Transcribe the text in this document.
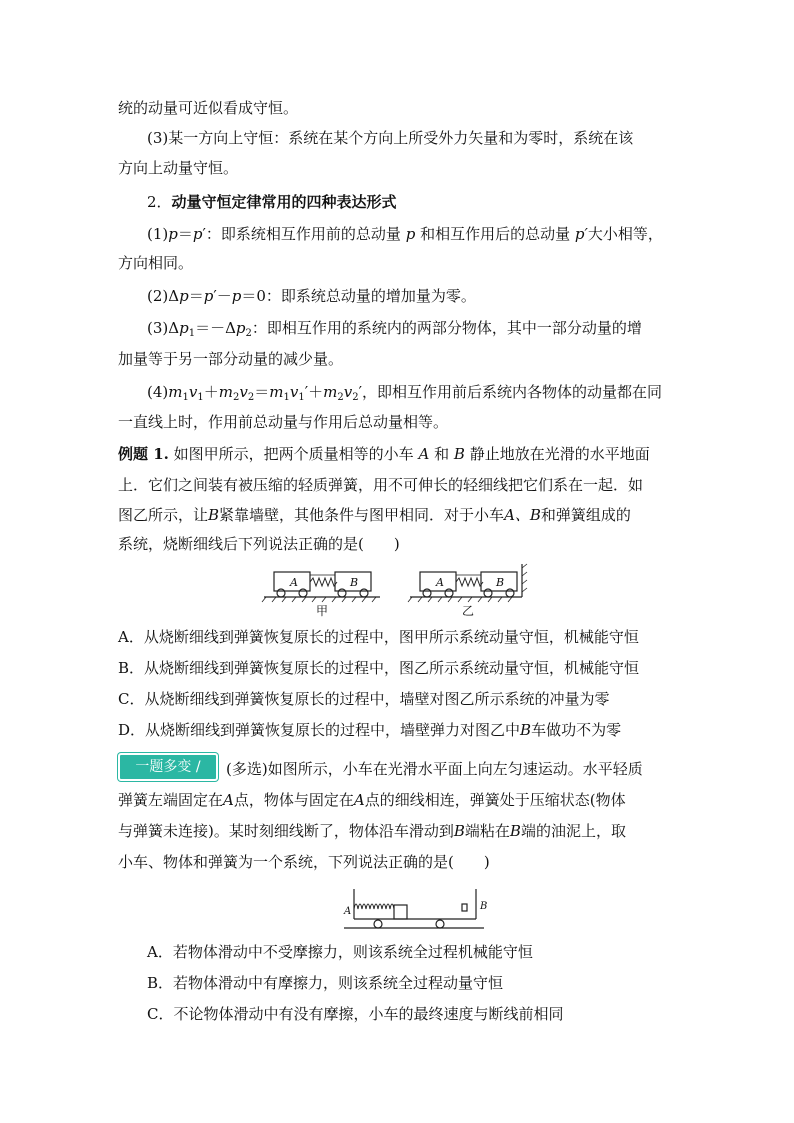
统的动量可近似看成守恒。
(3)某一方向上守恒：系统在某个方向上所受外力矢量和为零时，系统在该
方向上动量守恒。
2．动量守恒定律常用的四种表达形式
(1)p＝p′：即系统相互作用前的总动量 p 和相互作用后的总动量 p′大小相等，
方向相同。
(2)Δp＝p′－p＝0：即系统总动量的增加量为零。
$(3)\Delta p_1=-\Delta p_2$：即相互作用的系统内的两部分物体，其中一部分动量的增
加量等于另一部分动量的减少量。
$(4)m_1v_1+m_2v_2=m_1v_1'+m_2v_2'$，即相互作用前后系统内各物体的动量都在同
一直线上时，作用前总动量与作用后总动量相等。
例题 1. 如图甲所示，把两个质量相等的小车 A 和 B 静止地放在光滑的水平地面
上．它们之间装有被压缩的轻质弹簧，用不可伸长的轻细线把它们系在一起．如
图乙所示，让B紧靠墙壁，其他条件与图甲相同．对于小车A、B和弹簧组成的
系统，烧断细线后下列说法正确的是(　　)
A	B
甲
A	B
乙
A．从烧断细线到弹簧恢复原长的过程中，图甲所示系统动量守恒，机械能守恒
B．从烧断细线到弹簧恢复原长的过程中，图乙所示系统动量守恒，机械能守恒
C．从烧断细线到弹簧恢复原长的过程中，墙壁对图乙所示系统的冲量为零
D．从烧断细线到弹簧恢复原长的过程中，墙壁弹力对图乙中B车做功不为零
一题多变 /	(多选)如图所示，小车在光滑水平面上向左匀速运动。水平轻质
弹簧左端固定在A点，物体与固定在A点的细线相连，弹簧处于压缩状态(物体
与弹簧未连接)。某时刻细线断了，物体沿车滑动到B端粘在B端的油泥上，取
小车、物体和弹簧为一个系统，下列说法正确的是(　　)
A	B
A．若物体滑动中不受摩擦力，则该系统全过程机械能守恒
B．若物体滑动中有摩擦力，则该系统全过程动量守恒
C．不论物体滑动中有没有摩擦，小车的最终速度与断线前相同
